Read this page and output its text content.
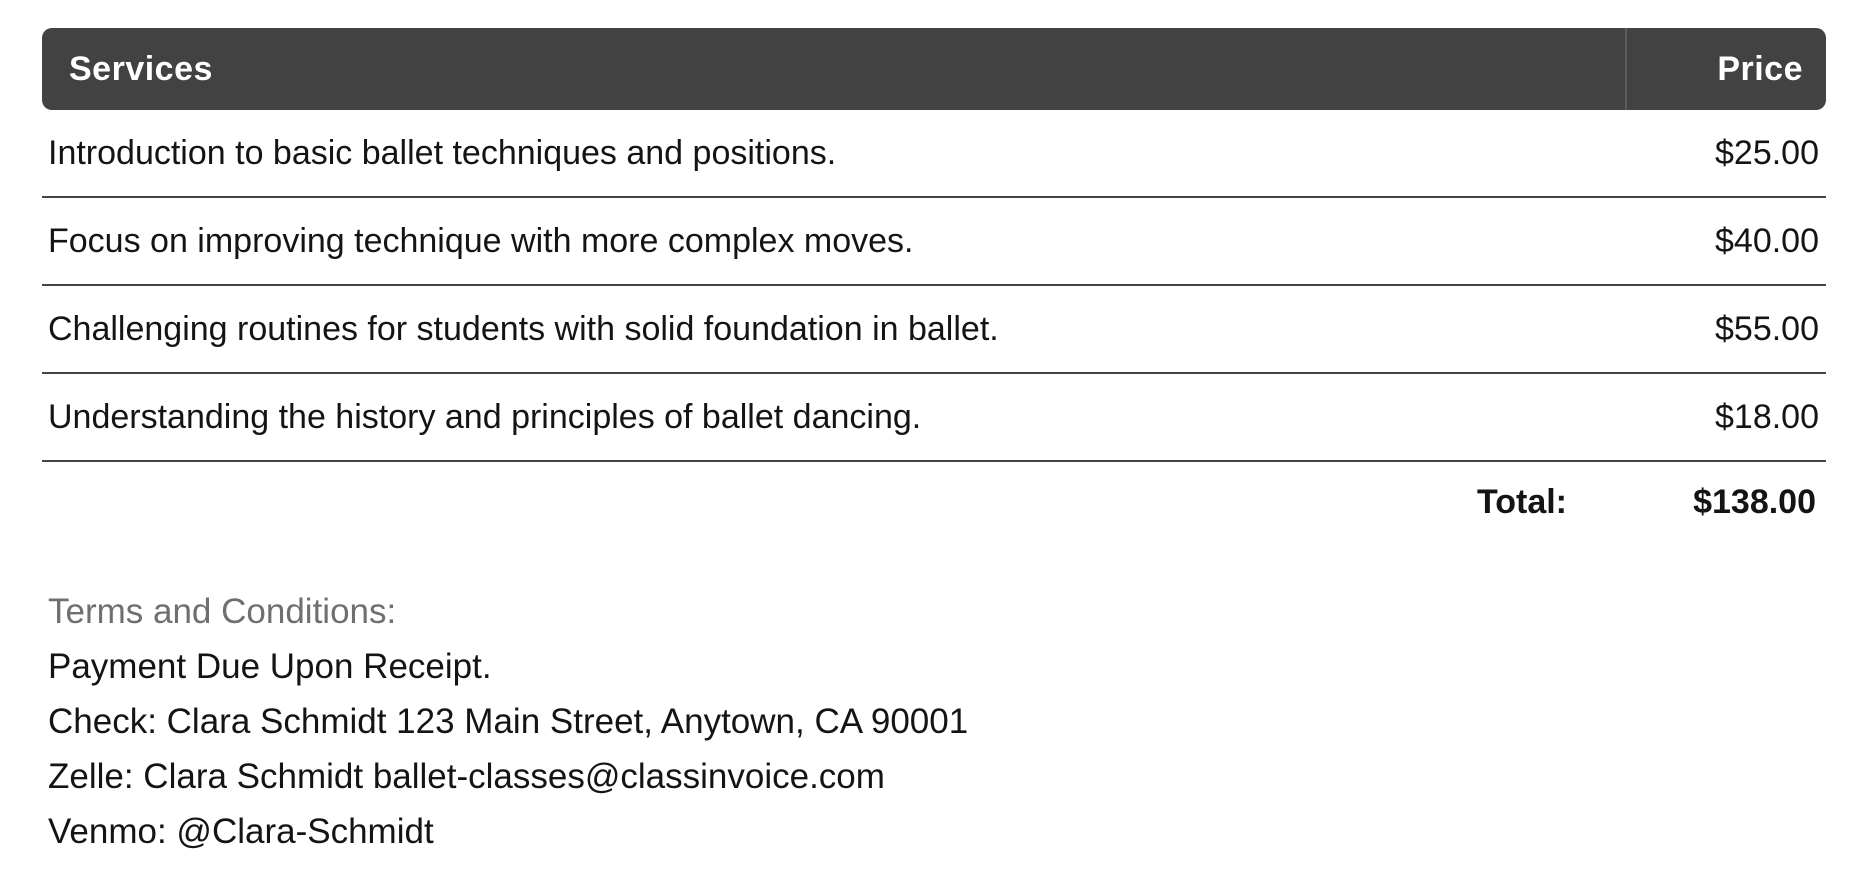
Services	Price
Introduction to basic ballet techniques and positions.	$25.00
Focus on improving technique with more complex moves.	$40.00
Challenging routines for students with solid foundation in ballet.	$55.00
Understanding the history and principles of ballet dancing.	$18.00
Total:	$138.00
Terms and Conditions:
Payment Due Upon Receipt.
Check: Clara Schmidt 123 Main Street, Anytown, CA 90001
Zelle: Clara Schmidt ballet-classes@classinvoice.com
Venmo: @Clara-Schmidt
